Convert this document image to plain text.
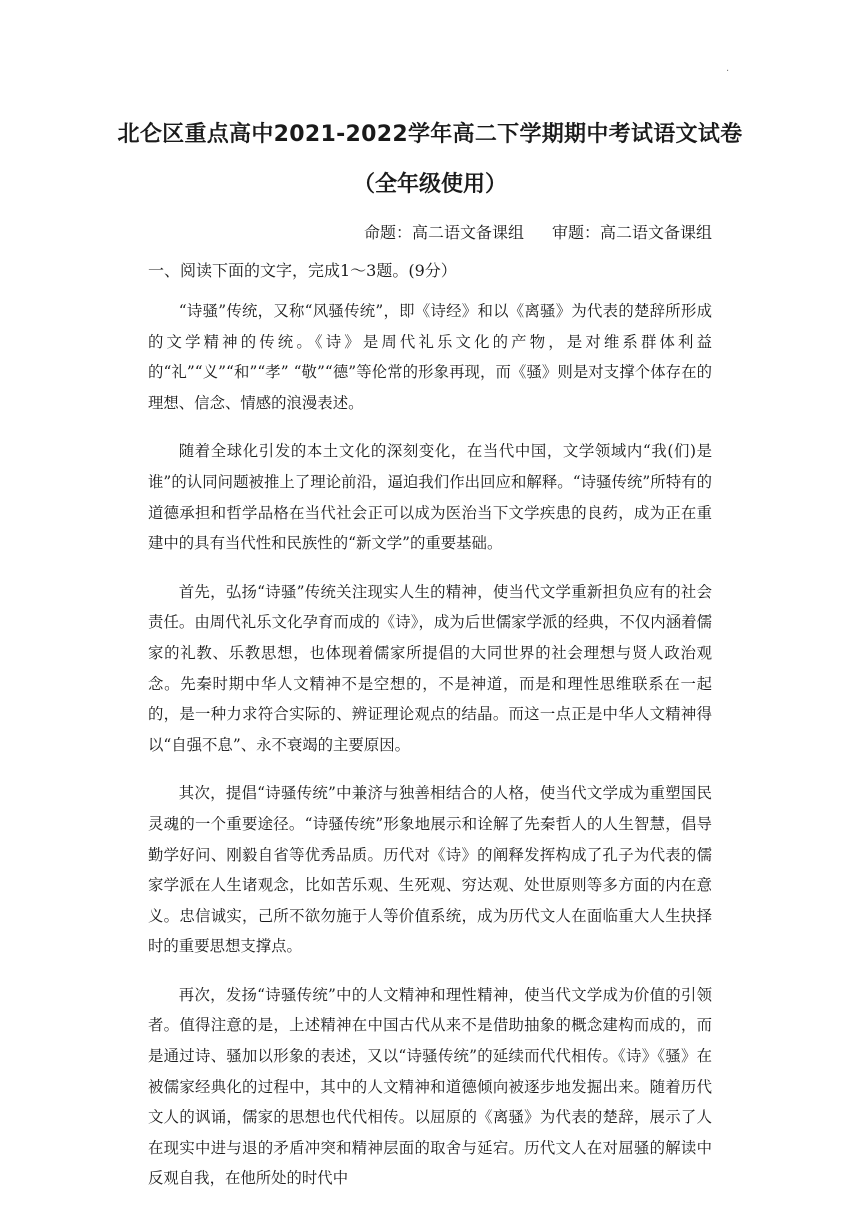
·
北仑区重点高中2021-2022学年高二下学期期中考试语文试卷
（全年级使用）
命题：高二语文备课组 审题：高二语文备课组
一、阅读下面的文字，完成1～3题。(9分）

“诗骚”传统，又称“风骚传统”，即《诗经》和以《离骚》为代表的楚辞所形成的文学精神的传统。《诗》是周代礼乐文化的产物，是对维系群体利益的“礼”“义”“和”“孝” “敬”“德”等伦常的形象再现，而《骚》则是对支撑个体存在的理想、信念、情感的浪漫表述。

随着全球化引发的本土文化的深刻变化，在当代中国，文学领域内“我(们)是谁”的认同问题被推上了理论前沿，逼迫我们作出回应和解释。“诗骚传统”所特有的道德承担和哲学品格在当代社会正可以成为医治当下文学疾患的良药，成为正在重建中的具有当代性和民族性的“新文学”的重要基础。

首先，弘扬“诗骚”传统关注现实人生的精神，使当代文学重新担负应有的社会责任。由周代礼乐文化孕育而成的《诗》，成为后世儒家学派的经典，不仅内涵着儒家的礼教、乐教思想，也体现着儒家所提倡的大同世界的社会理想与贤人政治观念。先秦时期中华人文精神不是空想的，不是神道，而是和理性思维联系在一起的，是一种力求符合实际的、辨证理论观点的结晶。而这一点正是中华人文精神得以“自强不息”、永不衰竭的主要原因。

其次，提倡“诗骚传统”中兼济与独善相结合的人格，使当代文学成为重塑国民灵魂的一个重要途径。“诗骚传统”形象地展示和诠解了先秦哲人的人生智慧，倡导勤学好问、刚毅自省等优秀品质。历代对《诗》的阐释发挥构成了孔子为代表的儒家学派在人生诸观念，比如苦乐观、生死观、穷达观、处世原则等多方面的内在意义。忠信诚实，己所不欲勿施于人等价值系统，成为历代文人在面临重大人生抉择时的重要思想支撑点。

再次，发扬“诗骚传统”中的人文精神和理性精神，使当代文学成为价值的引领者。值得注意的是，上述精神在中国古代从来不是借助抽象的概念建构而成的，而是通过诗、骚加以形象的表述，又以“诗骚传统”的延续而代代相传。《诗》《骚》在被儒家经典化的过程中，其中的人文精神和道德倾向被逐步地发掘出来。随着历代文人的讽诵，儒家的思想也代代相传。以屈原的《离骚》为代表的楚辞，展示了人在现实中进与退的矛盾冲突和精神层面的取舍与延宕。历代文人在对屈骚的解读中反观自我，在他所处的时代中
